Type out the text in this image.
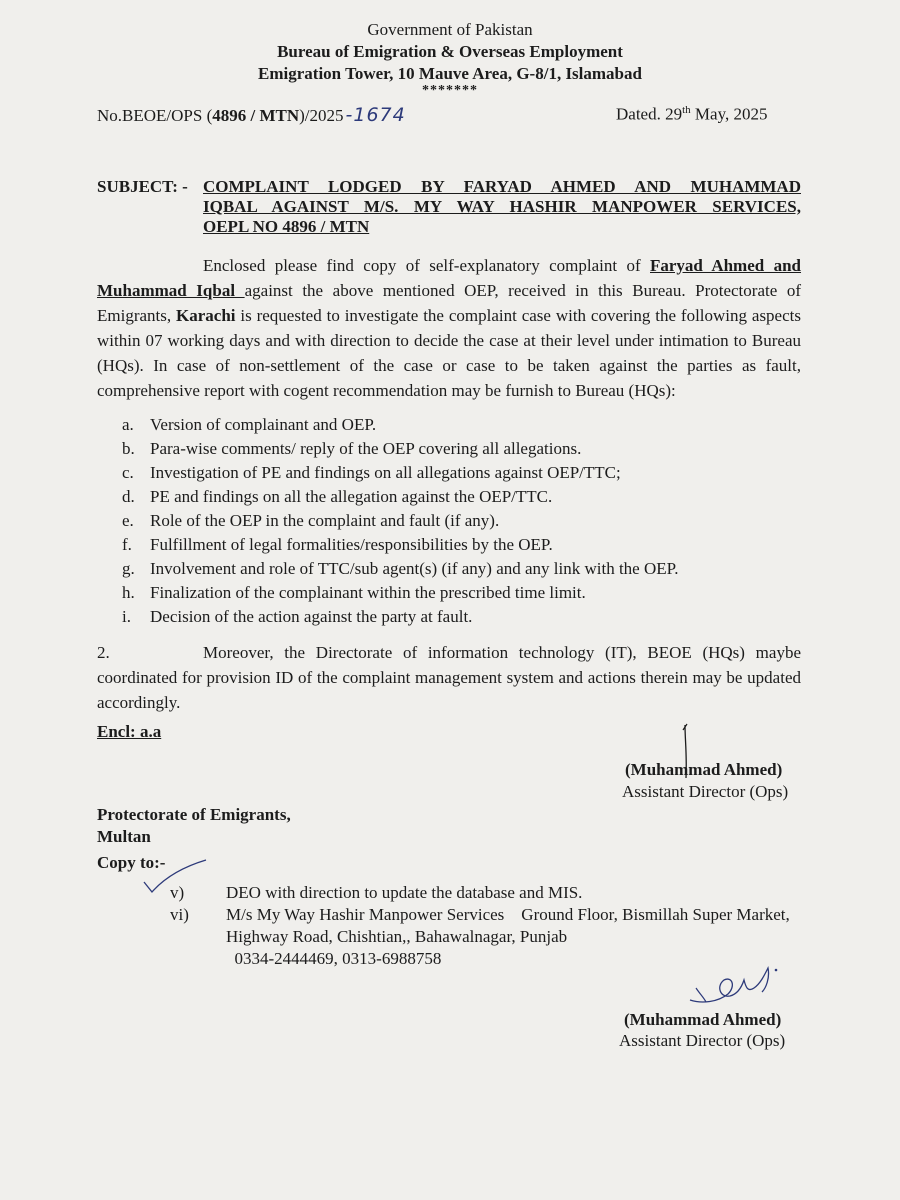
Government of Pakistan
Bureau of Emigration & Overseas Employment
Emigration Tower, 10 Mauve Area, G-8/1, Islamabad
*******
No.BEOE/OPS (4896 / MTN)/2025 -1674	Dated. 29th May, 2025
SUBJECT: - COMPLAINT LODGED BY FARYAD AHMED AND MUHAMMAD
IQBAL AGAINST M/S. MY WAY HASHIR MANPOWER SERVICES,
OEPL NO 4896 / MTN
Enclosed please find copy of self-explanatory complaint of Faryad Ahmed and Muhammad Iqbal against the above mentioned OEP, received in this Bureau. Protectorate of Emigrants, Karachi is requested to investigate the complaint case with covering the following aspects within 07 working days and with direction to decide the case at their level under intimation to Bureau (HQs). In case of non-settlement of the case or case to be taken against the parties as fault, comprehensive report with cogent recommendation may be furnish to Bureau (HQs):
a. Version of complainant and OEP.
b. Para-wise comments/ reply of the OEP covering all allegations.
c. Investigation of PE and findings on all allegations against OEP/TTC;
d. PE and findings on all the allegation against the OEP/TTC.
e. Role of the OEP in the complaint and fault (if any).
f.	Fulfillment of legal formalities/responsibilities by the OEP.
g. Involvement and role of TTC/sub agent(s) (if any) and any link with the OEP.
h. Finalization of the complainant within the prescribed time limit.
i.	Decision of the action against the party at fault.
2.	Moreover, the Directorate of information technology (IT), BEOE (HQs) maybe coordinated for provision ID of the complaint management system and actions therein may be updated accordingly.
Encl: a.a
(Muhammad Ahmed)
Assistant Director (Ops)
Protectorate of Emigrants,
Multan
Copy to:-
v)	DEO with direction to update the database and MIS.
vi)	M/s My Way Hashir Manpower Services    Ground Floor, Bismillah Super Market,
Highway Road, Chishtian,, Bahawalnagar, Punjab
0334-2444469, 0313-6988758
(Muhammad Ahmed)
Assistant Director (Ops)
